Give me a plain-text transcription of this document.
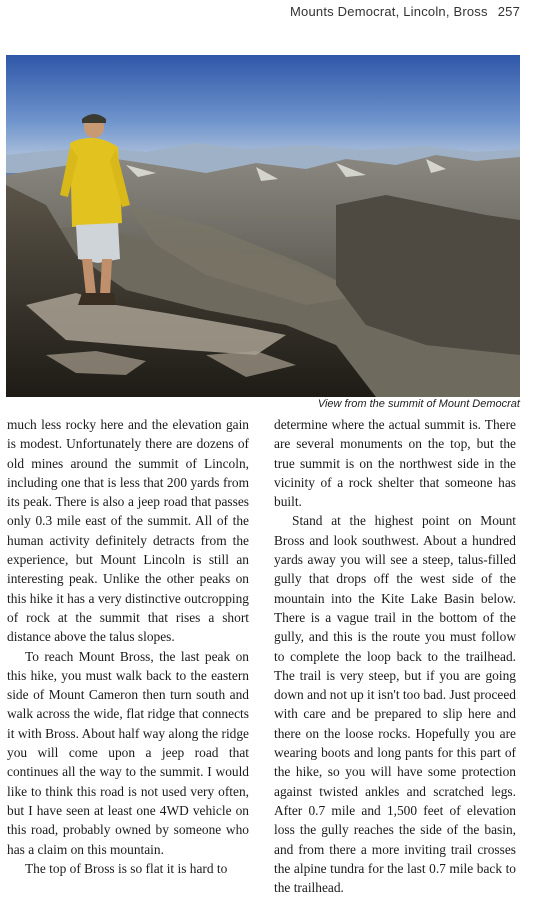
Mounts Democrat, Lincoln, Bross 257
View from the summit of Mount Democrat

much less rocky here and the elevation gain is modest. Unfortunately there are dozens of old mines around the summit of Lincoln, including one that is less that 200 yards from its peak. There is also a jeep road that passes only 0.3 mile east of the summit. All of the human activity definitely detracts from the experience, but Mount Lincoln is still an interesting peak. Unlike the other peaks on this hike it has a very distinctive outcropping of rock at the summit that rises a short distance above the talus slopes.

To reach Mount Bross, the last peak on this hike, you must walk back to the eastern side of Mount Cameron then turn south and walk across the wide, flat ridge that connects it with Bross. About half way along the ridge you will come upon a jeep road that continues all the way to the summit. I would like to think this road is not used very often, but I have seen at least one 4WD vehicle on this road, probably owned by someone who has a claim on this mountain.

The top of Bross is so flat it is hard to

determine where the actual summit is. There are several monuments on the top, but the true summit is on the northwest side in the vicinity of a rock shelter that someone has built.

Stand at the highest point on Mount Bross and look southwest. About a hundred yards away you will see a steep, talus-filled gully that drops off the west side of the mountain into the Kite Lake Basin below. There is a vague trail in the bottom of the gully, and this is the route you must follow to complete the loop back to the trailhead. The trail is very steep, but if you are going down and not up it isn't too bad. Just proceed with care and be prepared to slip here and there on the loose rocks. Hopefully you are wearing boots and long pants for this part of the hike, so you will have some protection against twisted ankles and scratched legs. After 0.7 mile and 1,500 feet of elevation loss the gully reaches the side of the basin, and from there a more inviting trail crosses the alpine tundra for the last 0.7 mile back to the trailhead.
